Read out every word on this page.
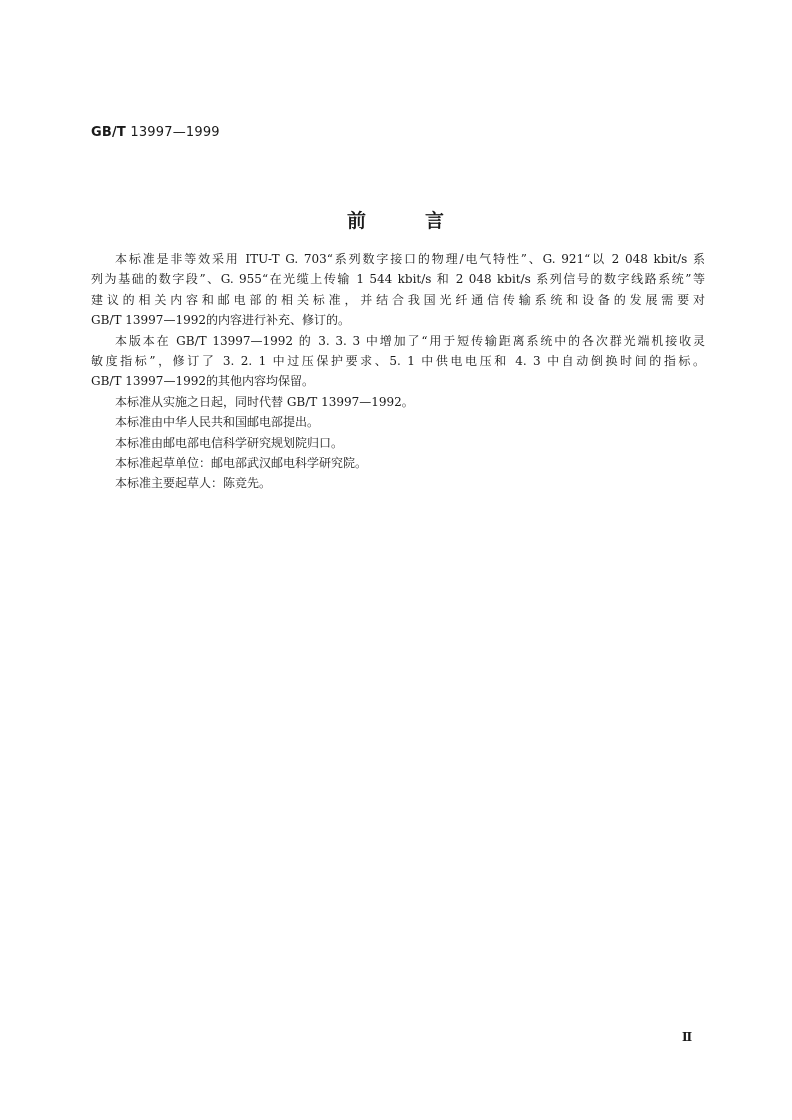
GB/T 13997—1999
前	言
本标准是非等效采用 ITU-T G. 703“系列数字接口的物理/电气特性”、G. 921“以 2 048 kbit/s 系
列为基础的数字段”、G. 955“在光缆上传输 1 544 kbit/s 和 2 048 kbit/s 系列信号的数字线路系统”等
建议的相关内容和邮电部的相关标准，并结合我国光纤通信传输系统和设备的发展需要对
GB/T 13997—1992的内容进行补充、修订的。
本版本在 GB/T 13997—1992 的 3. 3. 3 中增加了“用于短传输距离系统中的各次群光端机接收灵
敏度指标”，修订了 3. 2. 1 中过压保护要求、5. 1 中供电电压和 4. 3 中自动倒换时间的指标。
GB/T 13997—1992的其他内容均保留。
本标准从实施之日起，同时代替 GB/T 13997—1992。
本标准由中华人民共和国邮电部提出。
本标准由邮电部电信科学研究规划院归口。
本标准起草单位：邮电部武汉邮电科学研究院。
本标准主要起草人：陈竞先。
Ⅱ
